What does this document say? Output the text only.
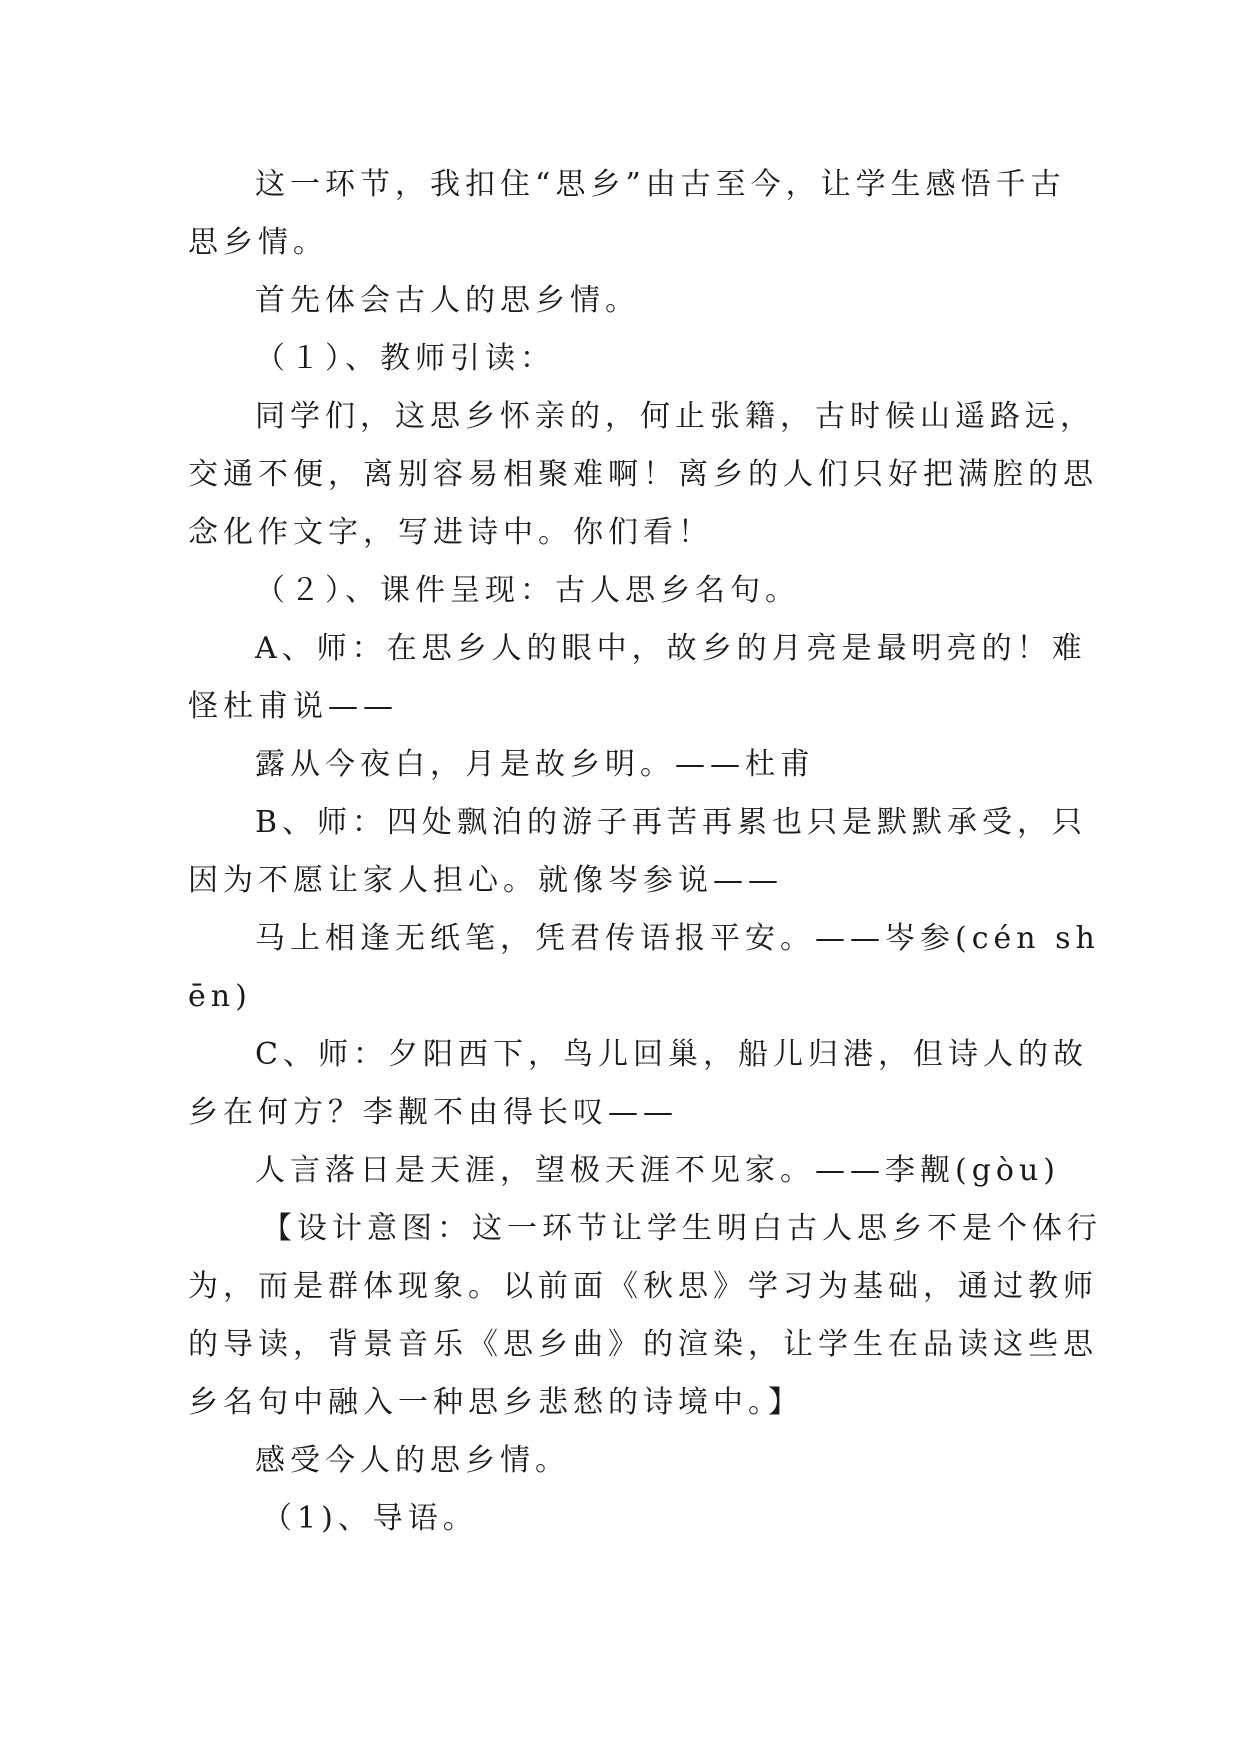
这一环节，我扣住“思乡”由古至今，让学生感悟千古
思乡情。
首先体会古人的思乡情。
（１）、教师引读：
同学们，这思乡怀亲的，何止张籍，古时候山遥路远，
交通不便，离别容易相聚难啊！离乡的人们只好把满腔的思
念化作文字，写进诗中。你们看！
（２）、课件呈现：古人思乡名句。
A、师：在思乡人的眼中，故乡的月亮是最明亮的！难
怪杜甫说——
露从今夜白，月是故乡明。——杜甫
B、师：四处飘泊的游子再苦再累也只是默默承受，只
因为不愿让家人担心。就像岑参说——
马上相逢无纸笔，凭君传语报平安。——岑参(cén sh
ēn)
C、师：夕阳西下，鸟儿回巢，船儿归港，但诗人的故
乡在何方？李觏不由得长叹——
人言落日是天涯，望极天涯不见家。——李觏(gòu)
【设计意图：这一环节让学生明白古人思乡不是个体行
为，而是群体现象。以前面《秋思》学习为基础，通过教师
的导读，背景音乐《思乡曲》的渲染，让学生在品读这些思
乡名句中融入一种思乡悲愁的诗境中。】
感受今人的思乡情。
（1)、导语。
